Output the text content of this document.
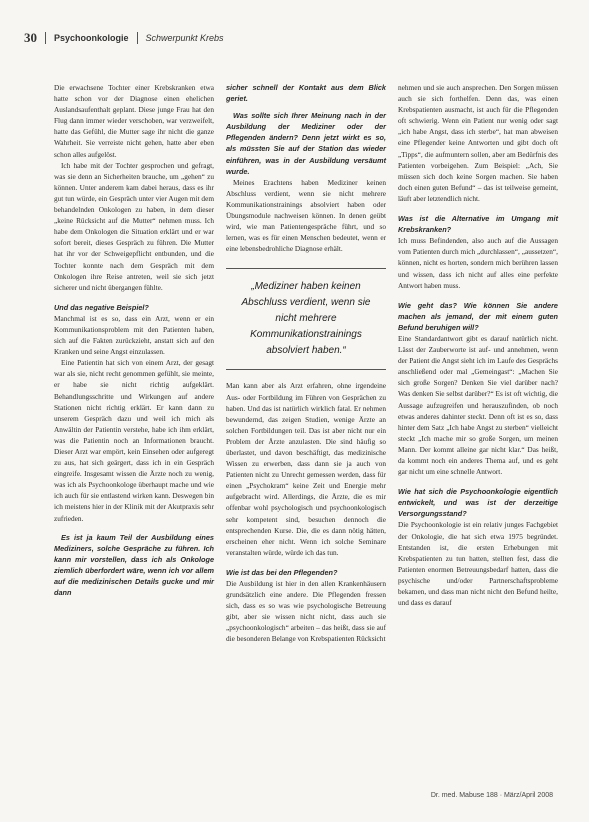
30 Psychoonkologie Schwerpunkt Krebs

Die erwachsene Tochter einer Krebskranken etwa hatte schon vor der Diagnose einen ehelichen Auslandsaufenthalt geplant. Diese junge Frau hat den Flug dann immer wieder verschoben, war verzweifelt, hatte das Gefühl, die Mutter sage ihr nicht die ganze Wahrheit. Sie verreiste nicht gehen, hatte aber eben schon alles aufgelöst.

Ich habe mit der Tochter gesprochen und gefragt, was sie denn an Sicherheiten brauche, um „gehen“ zu können. Unter anderem kam dabei heraus, dass es ihr gut tun würde, ein Gespräch unter vier Augen mit dem behandelnden Onkologen zu haben, in dem dieser „keine Rücksicht auf die Mutter“ nehmen muss. Ich habe dem Onkologen die Situation erklärt und er war sofort bereit, dieses Gespräch zu führen. Die Mutter hat ihr vor der Schweigepflicht entbunden, und die Tochter konnte nach dem Gespräch mit dem Onkologen ihre Reise antreten, weil sie sich jetzt sicherer und nicht übergangen fühlte.

Und das negative Beispiel?

Manchmal ist es so, dass ein Arzt, wenn er ein Kommunikationsproblem mit den Patienten haben, sich auf die Fakten zurückzieht, anstatt sich auf den Kranken und seine Angst einzulassen.

Eine Patientin hat sich von einem Arzt, der gesagt war als sie, nicht recht genommen gefühlt, sie meinte, er habe sie nicht richtig aufgeklärt. Behandlungsschritte und Wirkungen auf andere Stationen nicht richtig erklärt. Er kann dann zu unserem Gespräch dazu und weil ich mich als Anwältin der Patientin verstehe, habe ich ihm erklärt, was die Patientin noch an Informationen braucht. Dieser Arzt war empört, kein Einsehen oder aufgeregt zu aus, hat sich geärgert, dass ich in ein Gespräch eingreife. Insgesamt wissen die Ärzte noch zu wenig, was ich als Psychoonkologe überhaupt mache und wie ich auch für sie entlastend wirken kann. Deswegen bin ich meistens hier in der Klinik mit der Akutpraxis sehr zufrieden.

Es ist ja kaum Teil der Ausbildung eines Mediziners, solche Gespräche zu führen. Ich kann mir vorstellen, dass ich als Onkologe ziemlich überfordert wäre, wenn ich vor allem auf die medizinischen Details gucke und mir dann

sicher schnell der Kontakt aus dem Blick geriet.

Was sollte sich Ihrer Meinung nach in der Ausbildung der Mediziner oder der Pflegenden ändern? Denn jetzt wirkt es so, als müssten Sie auf der Station das wieder einführen, was in der Ausbildung versäumt wurde.

Meines Erachtens haben Mediziner keinen Abschluss verdient, wenn sie nicht mehrere Kommunikationstrainings absolviert haben oder Übungsmodule nachweisen können. In denen geübt wird, wie man Patientengespräche führt, und so lernen, was es für einen Menschen bedeutet, wenn er eine lebensbedrohliche Diagnose erhält.

„Mediziner haben keinen Abschluss verdient, wenn sie nicht mehrere Kommunikationstrainings absolviert haben.“

Man kann aber als Arzt erfahren, ohne irgendeine Aus- oder Fortbildung im Führen von Gesprächen zu haben. Und das ist natürlich wirklich fatal. Er nehmen bewundernd, das zeigen Studien, wenige Ärzte an solchen Fortbildungen teil. Das ist aber nicht nur ein Problem der Ärzte anzulasten. Die sind häufig so überlastet, und davon beschäftigt, das medizinische Wissen zu erwerben, dass dann sie ja auch von Patienten nicht zu Unrecht gemessen werden, dass für einen „Psychokram“ keine Zeit und Energie mehr aufgebracht wird. Allerdings, die Ärzte, die es mir offenbar wohl psychologisch und psychoonkologisch sehr kompetent sind, besuchen dennoch die entsprechenden Kurse. Die, die es dann nötig hätten, erscheinen eher nicht. Wenn ich solche Seminare veranstalten würde, würde ich das tun.

Wie ist das bei den Pflegenden?

Die Ausbildung ist hier in den allen Krankenhäusern grundsätzlich eine andere. Die Pflegenden fressen sich, dass es so was wie psychologische Betreuung gibt, aber sie wissen nicht nicht, dass auch sie „psychoonkologisch“ arbeiten – das heißt, dass sie auf die besonderen Belange von Krebspatienten Rücksicht

nehmen und sie auch ansprechen. Den Sorgen müssen auch sie sich forthelfen. Denn das, was einen Krebspatienten ausmacht, ist auch für die Pflegenden oft schwierig. Wenn ein Patient nur wenig oder sagt „ich habe Angst, dass ich sterbe“, hat man abweisen eine Pflegender keine Antworten und gibt doch oft „Tipps“, die aufmuntern sollen, aber am Bedürfnis des Patienten vorbeigehen. Zum Beispiel: „Ach, Sie müssen sich doch keine Sorgen machen. Sie haben doch einen guten Befund“ – das ist teilweise gemeint, läuft aber letztendlich nicht.

Was ist die Alternative im Umgang mit Krebskranken?

Ich muss Befindenden, also auch auf die Aussagen vom Patienten durch mich „durchlassen“, „aussetzen“, können, nicht es horten, sondern mich berühren lassen und wissen, dass ich nicht auf alles eine perfekte Antwort haben muss.

Wie geht das? Wie können Sie andere machen als jemand, der mit einem guten Befund beruhigen will?

Eine Standardantwort gibt es darauf natürlich nicht. Lässt der Zauberworte ist auf- und annehmen, wenn der Patient die Angst sieht ich im Laufe des Gesprächs anschließend oder mal „Gemeingast“: „Machen Sie sich große Sorgen? Denken Sie viel darüber nach? Was denken Sie selbst darüber?“ Es ist oft wichtig, die Aussage aufzugreifen und herauszufinden, ob noch etwas anderes dahinter steckt. Denn oft ist es so, dass hinter dem Satz „Ich habe Angst zu sterben“ vielleicht steckt „Ich mache mir so große Sorgen, um meinen Mann. Der kommt alleine gar nicht klar.“ Das heißt, da kommt noch ein anderes Thema auf, und es geht gar nicht um eine schnelle Antwort.

Wie hat sich die Psychoonkologie eigentlich entwickelt, und was ist der derzeitige Versorgungsstand?

Die Psychoonkologie ist ein relativ junges Fachgebiet der Onkologie, die hat sich etwa 1975 begründet. Entstanden ist, die ersten Erhebungen mit Krebspatienten zu tun hatten, stellten fest, dass die Patienten enormen Betreuungsbedarf hatten, dass die psychische und/oder Partnerschaftsprobleme bekamen, und dass man nicht nicht den Befund heilte, und dass es darauf

Dr. med. Mabuse 188 · März/April 2008
